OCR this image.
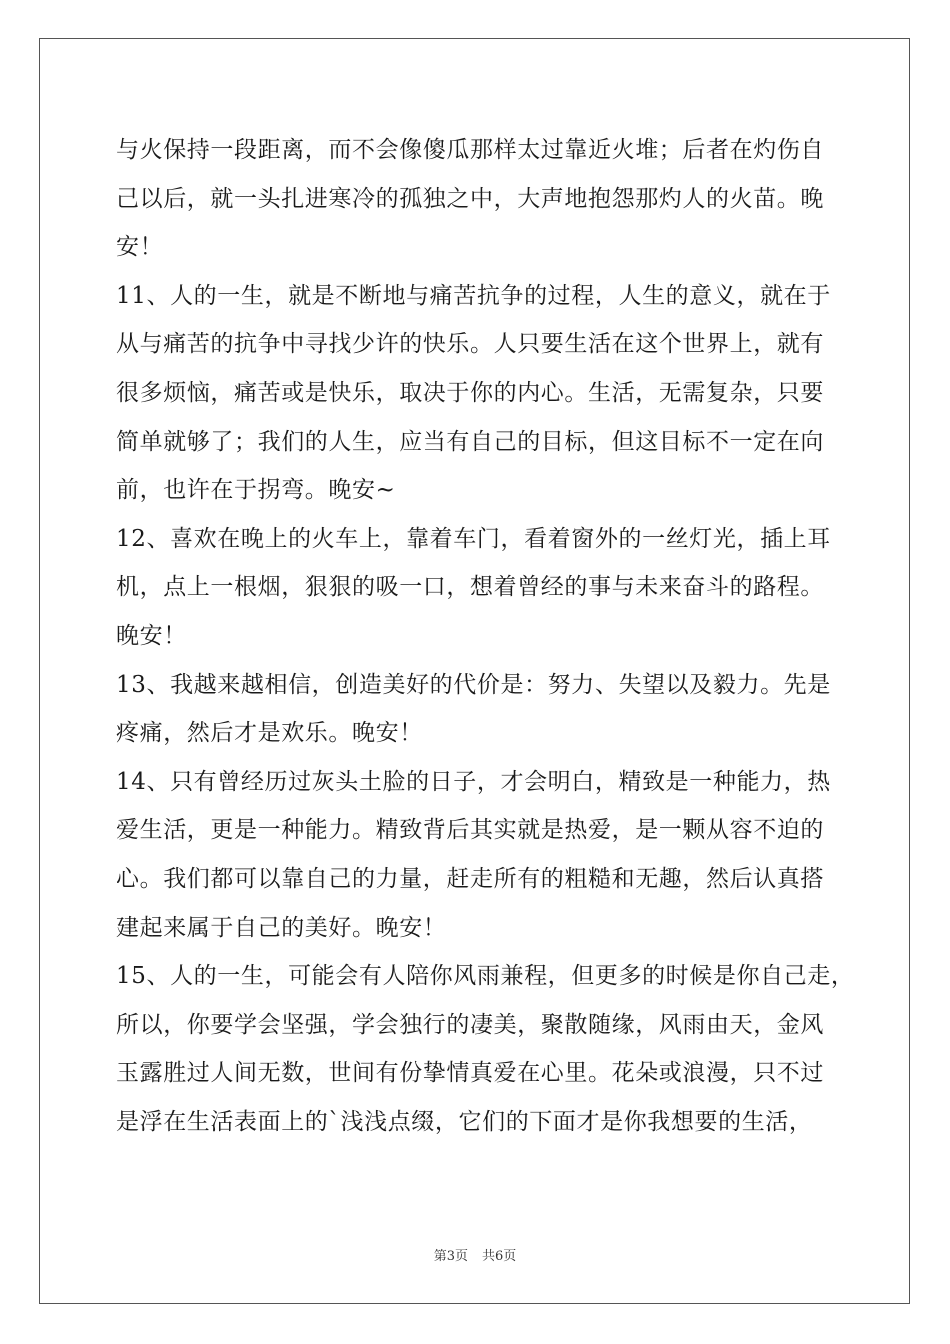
与火保持一段距离，而不会像傻瓜那样太过靠近火堆；后者在灼伤自
己以后，就一头扎进寒冷的孤独之中，大声地抱怨那灼人的火苗。晚
安！
11、人的一生，就是不断地与痛苦抗争的过程，人生的意义，就在于
从与痛苦的抗争中寻找少许的快乐。人只要生活在这个世界上，就有
很多烦恼，痛苦或是快乐，取决于你的内心。生活，无需复杂，只要
简单就够了；我们的人生，应当有自己的目标，但这目标不一定在向
前，也许在于拐弯。晚安~
12、喜欢在晚上的火车上，靠着车门，看着窗外的一丝灯光，插上耳
机，点上一根烟，狠狠的吸一口，想着曾经的事与未来奋斗的路程。
晚安！
13、我越来越相信，创造美好的代价是：努力、失望以及毅力。先是
疼痛，然后才是欢乐。晚安！
14、只有曾经历过灰头土脸的日子，才会明白，精致是一种能力，热
爱生活，更是一种能力。精致背后其实就是热爱，是一颗从容不迫的
心。我们都可以靠自己的力量，赶走所有的粗糙和无趣，然后认真搭
建起来属于自己的美好。晚安！
15、人的一生，可能会有人陪你风雨兼程，但更多的时候是你自己走，
所以，你要学会坚强，学会独行的凄美，聚散随缘，风雨由天，金风
玉露胜过人间无数，世间有份挚情真爱在心里。花朵或浪漫，只不过
是浮在生活表面上的`浅浅点缀，它们的下面才是你我想要的生活，
第3页 共6页
